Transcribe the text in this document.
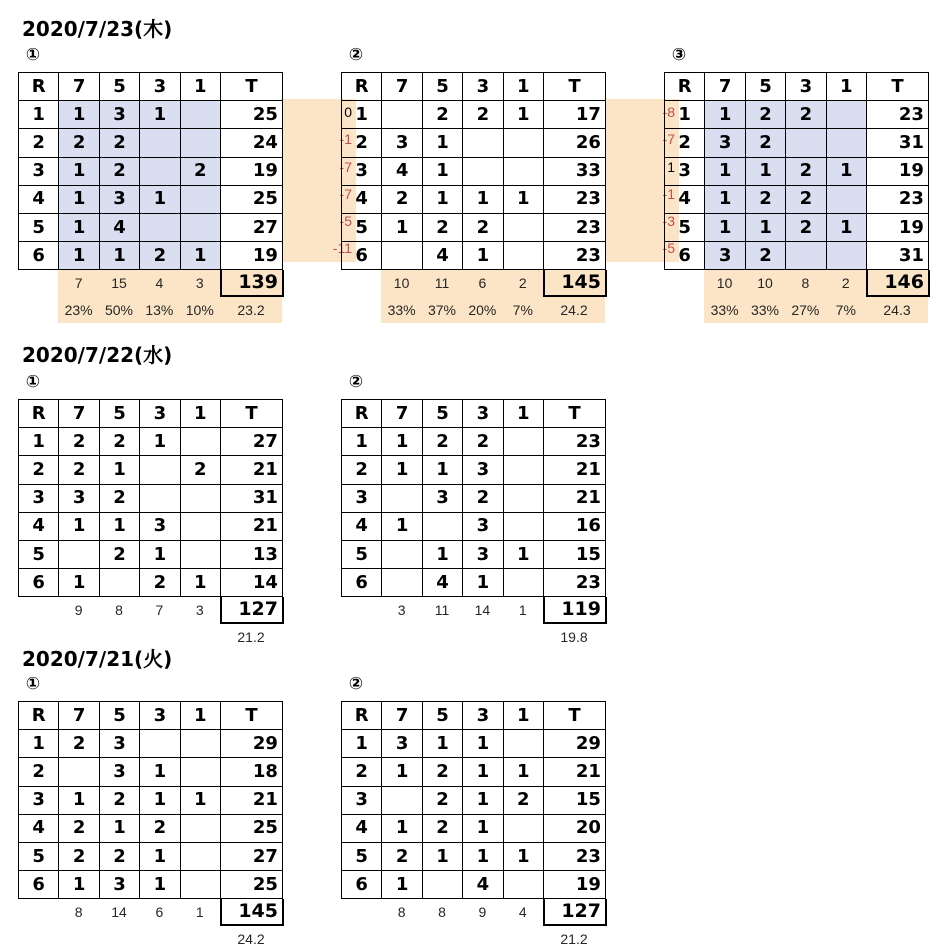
2020/7/23(木)
2020/7/22(水)
2020/7/21(火)
①	②	③
①	②
①	②
R	7	5	3	1	T
1	1	3	1		25
2	2	2			24
3	1	2		2	19
4	1	3	1		25
5	1	4			27
6	1	1	2	1	19
7	15	4	3	139
23% 50% 13% 10%	23.2
0
-1
-7
-7
-5
-11
R	7	5	3	1	T
1		2	2	1	17
2	3	1			26
3	4	1			33
4	2	1	1	1	23
5	1	2	2		23
6		4	1		23
10	11	6	2	145
33% 37% 20%	7%	24.2
-8
-7
1
-1
-3
-5
R	7	5	3	1	T
1	1	2	2		23
2	3	2			31
3	1	1	2	1	19
4	1	2	2		23
5	1	1	2	1	19
6	3	2			31
10	10	8	2	146
33% 33% 27%	7%	24.3
R	7	5	3	1	T
1	2	2	1		27
2	2	1		2	21
3	3	2			31
4	1	1	3		21
5		2	1		13
6	1		2	1	14
9	8	7	3	127
21.2
R	7	5	3	1	T
1	1	2	2		23
2	1	1	3		21
3		3	2		21
4	1		3		16
5		1	3	1	15
6		4	1		23
3	11	14	1	119
19.8
R	7	5	3	1	T
1	2	3			29
2		3	1		18
3	1	2	1	1	21
4	2	1	2		25
5	2	2	1		27
6	1	3	1		25
8	14	6	1	145
24.2
R	7	5	3	1	T
1	3	1	1		29
2	1	2	1	1	21
3		2	1	2	15
4	1	2	1		20
5	2	1	1	1	23
6	1		4		19
8	8	9	4	127
21.2
